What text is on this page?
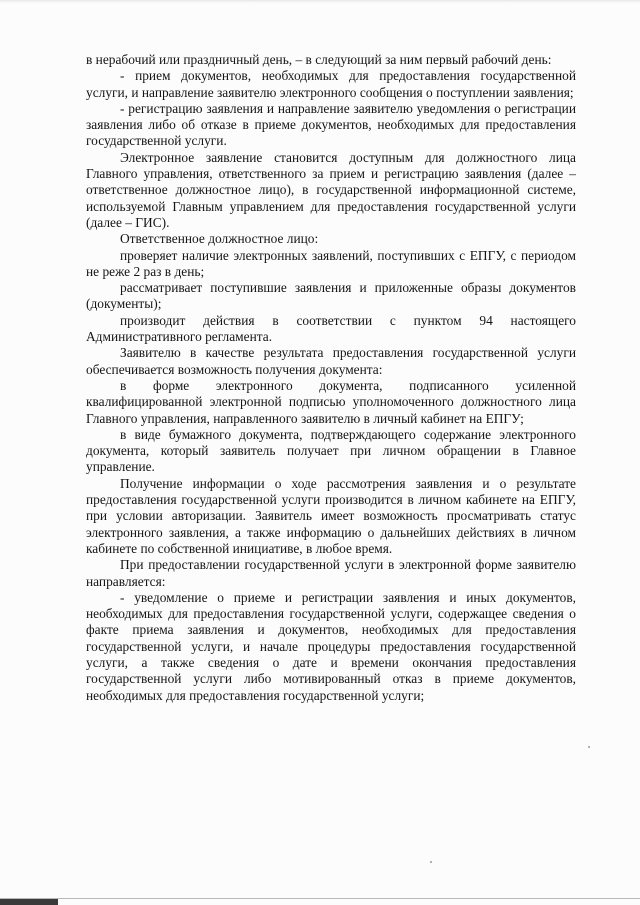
в нерабочий или праздничный день, – в следующий за ним первый рабочий день:

- прием документов, необходимых для предоставления государственной услуги, и направление заявителю электронного сообщения о поступлении заявления;

- регистрацию заявления и направление заявителю уведомления о регистрации заявления либо об отказе в приеме документов, необходимых для предоставления государственной услуги.

Электронное заявление становится доступным для должностного лица Главного управления, ответственного за прием и регистрацию заявления (далее – ответственное должностное лицо), в государственной информационной системе, используемой Главным управлением для предоставления государственной услуги (далее – ГИС).

Ответственное должностное лицо:

проверяет наличие электронных заявлений, поступивших с ЕПГУ, с периодом не реже 2 раз в день;

рассматривает поступившие заявления и приложенные образы документов (документы);

производит действия в соответствии с пунктом 94 настоящего Административного регламента.

Заявителю в качестве результата предоставления государственной услуги обеспечивается возможность получения документа:

в форме электронного документа, подписанного усиленной квалифицированной электронной подписью уполномоченного должностного лица Главного управления, направленного заявителю в личный кабинет на ЕПГУ;

в виде бумажного документа, подтверждающего содержание электронного документа, который заявитель получает при личном обращении в Главное управление.

Получение информации о ходе рассмотрения заявления и о результате предоставления государственной услуги производится в личном кабинете на ЕПГУ, при условии авторизации. Заявитель имеет возможность просматривать статус электронного заявления, а также информацию о дальнейших действиях в личном кабинете по собственной инициативе, в любое время.

При предоставлении государственной услуги в электронной форме заявителю направляется:

- уведомление о приеме и регистрации заявления и иных документов, необходимых для предоставления государственной услуги, содержащее сведения о факте приема заявления и документов, необходимых для предоставления государственной услуги, и начале процедуры предоставления государственной услуги, а также сведения о дате и времени окончания предоставления государственной услуги либо мотивированный отказ в приеме документов, необходимых для предоставления государственной услуги;
